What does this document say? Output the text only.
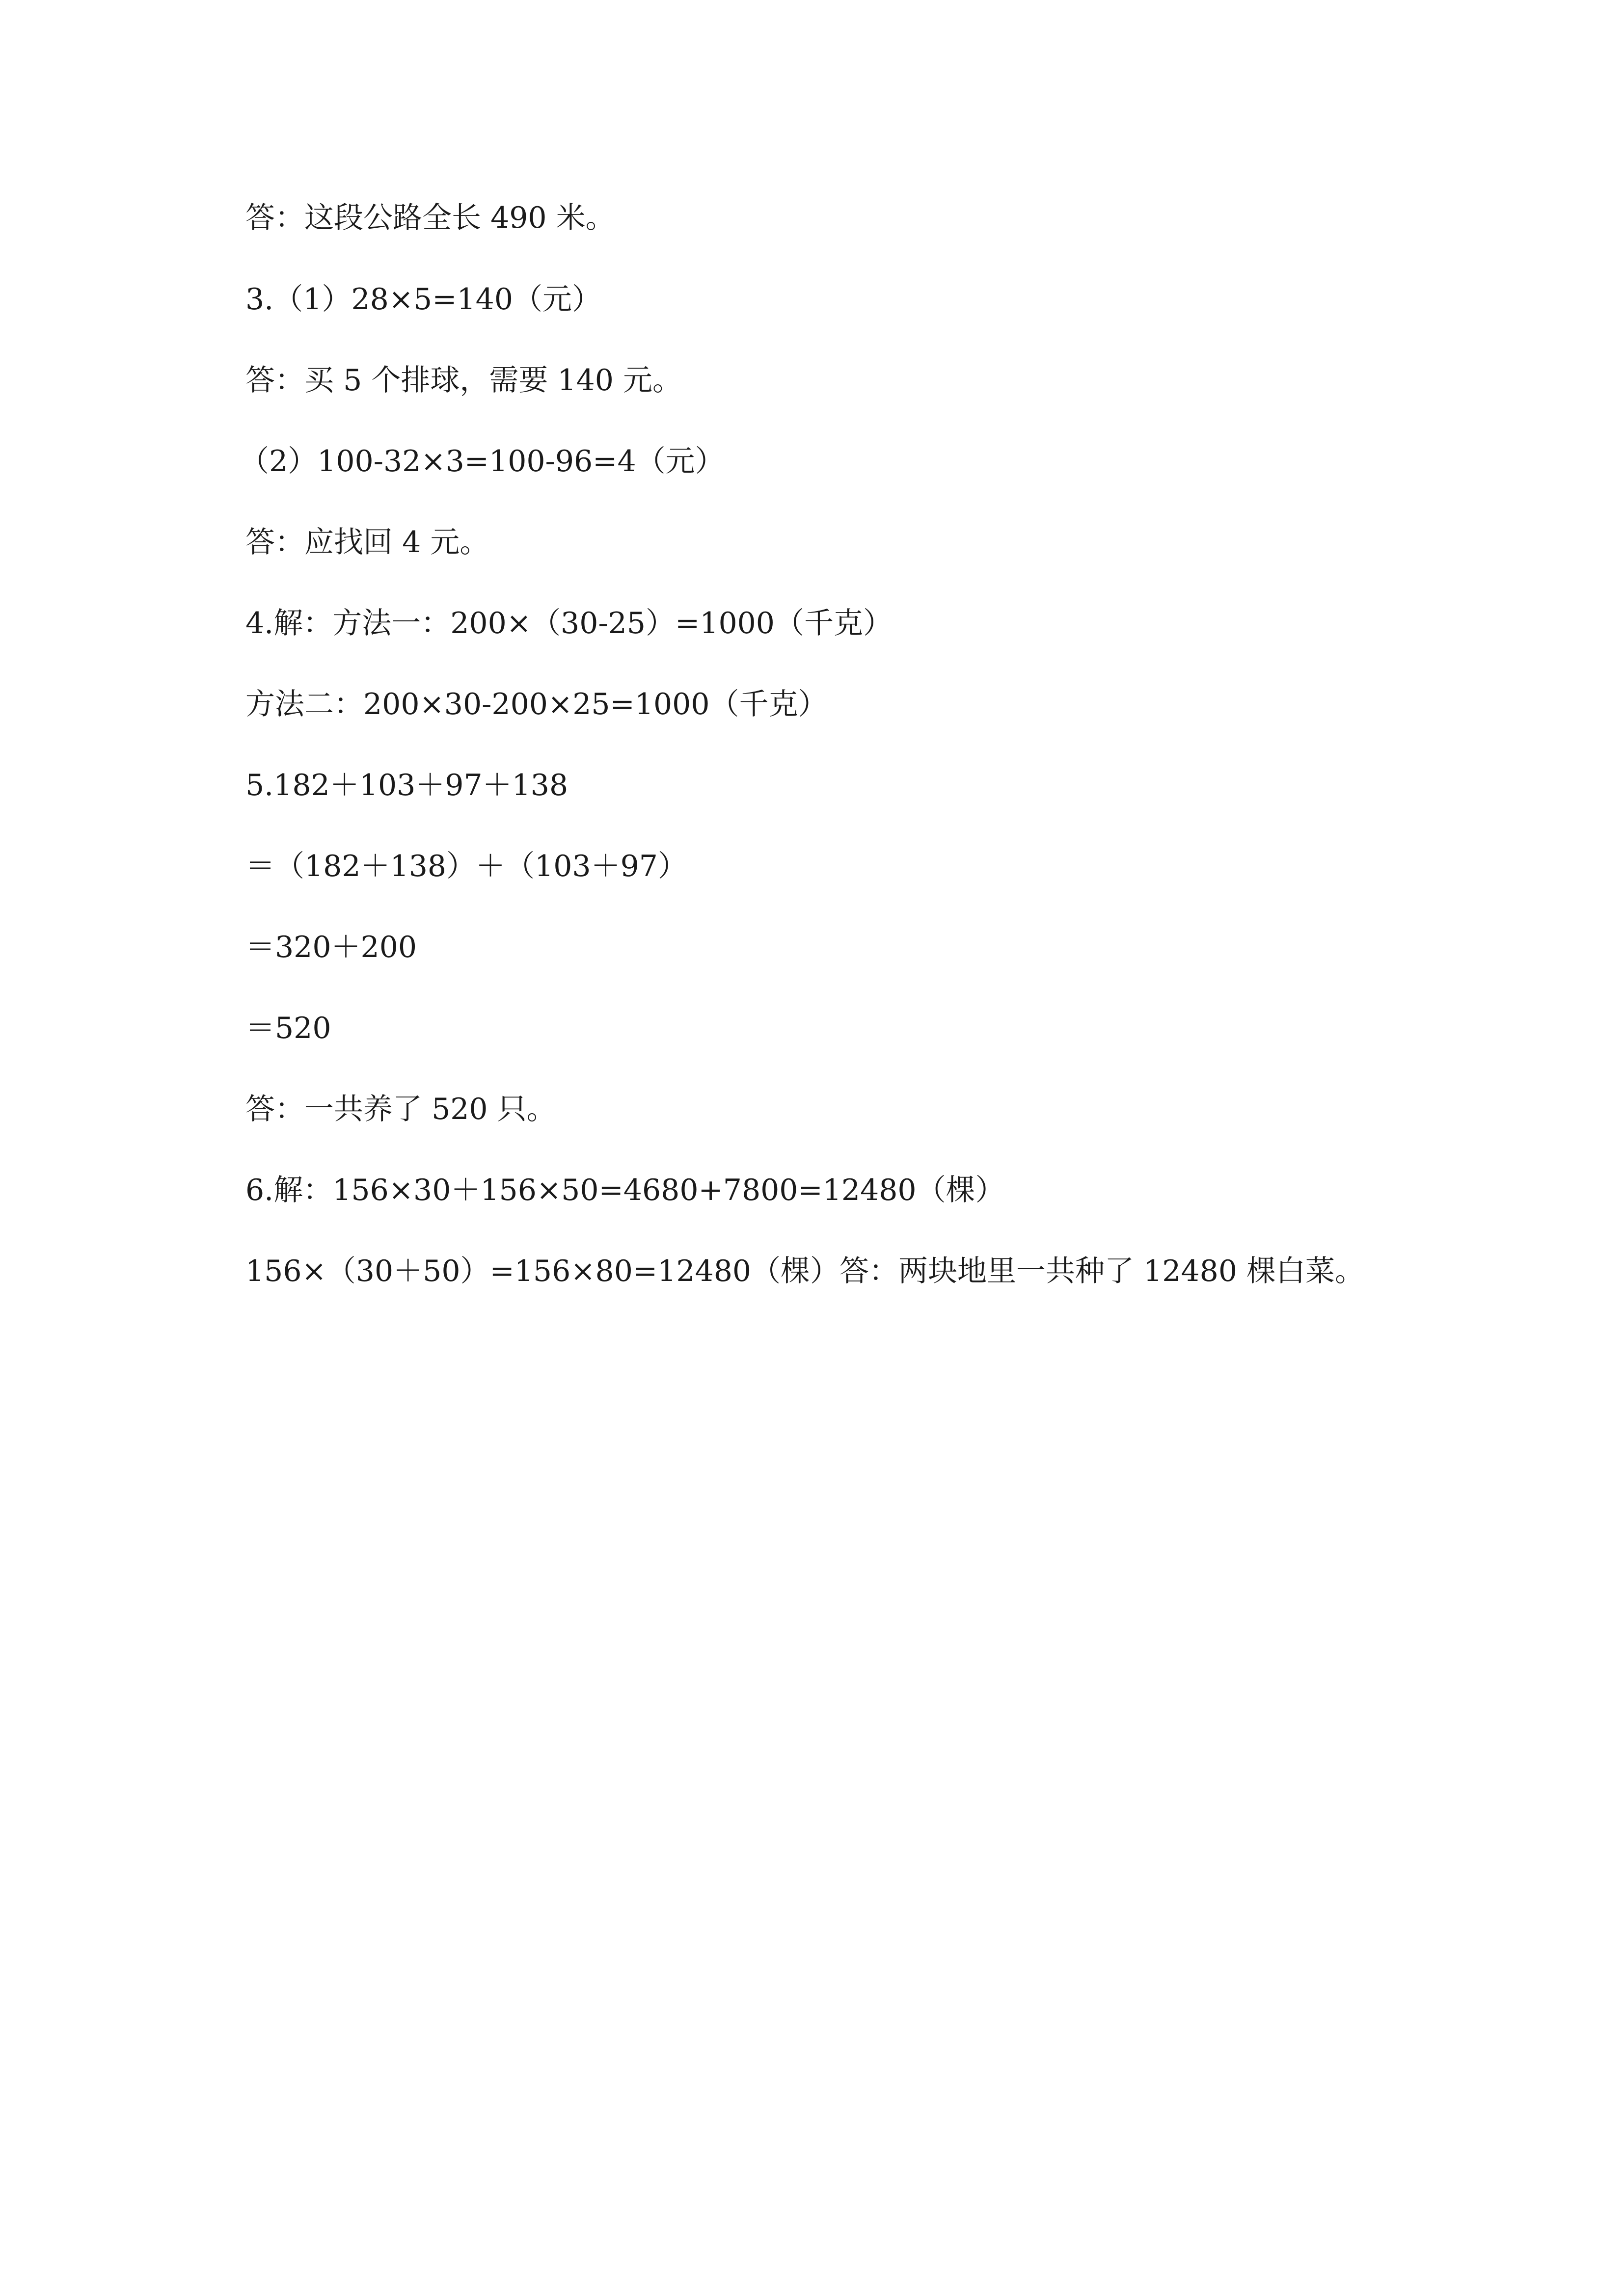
答：这段公路全长 490 米。
3.（1）28×5=140（元）
答：买 5 个排球，需要 140 元。
（2）100-32×3=100-96=4（元）
答：应找回 4 元。
4.解：方法一：200×（30-25）=1000（千克）
方法二：200×30-200×25=1000（千克）
5.182＋103＋97＋138
＝（182＋138）＋（103＋97）
＝320＋200
＝520
答：一共养了 520 只。
6.解：156×30＋156×50=4680+7800=12480（棵）
156×（30＋50）=156×80=12480（棵）答：两块地里一共种了 12480 棵白菜。
